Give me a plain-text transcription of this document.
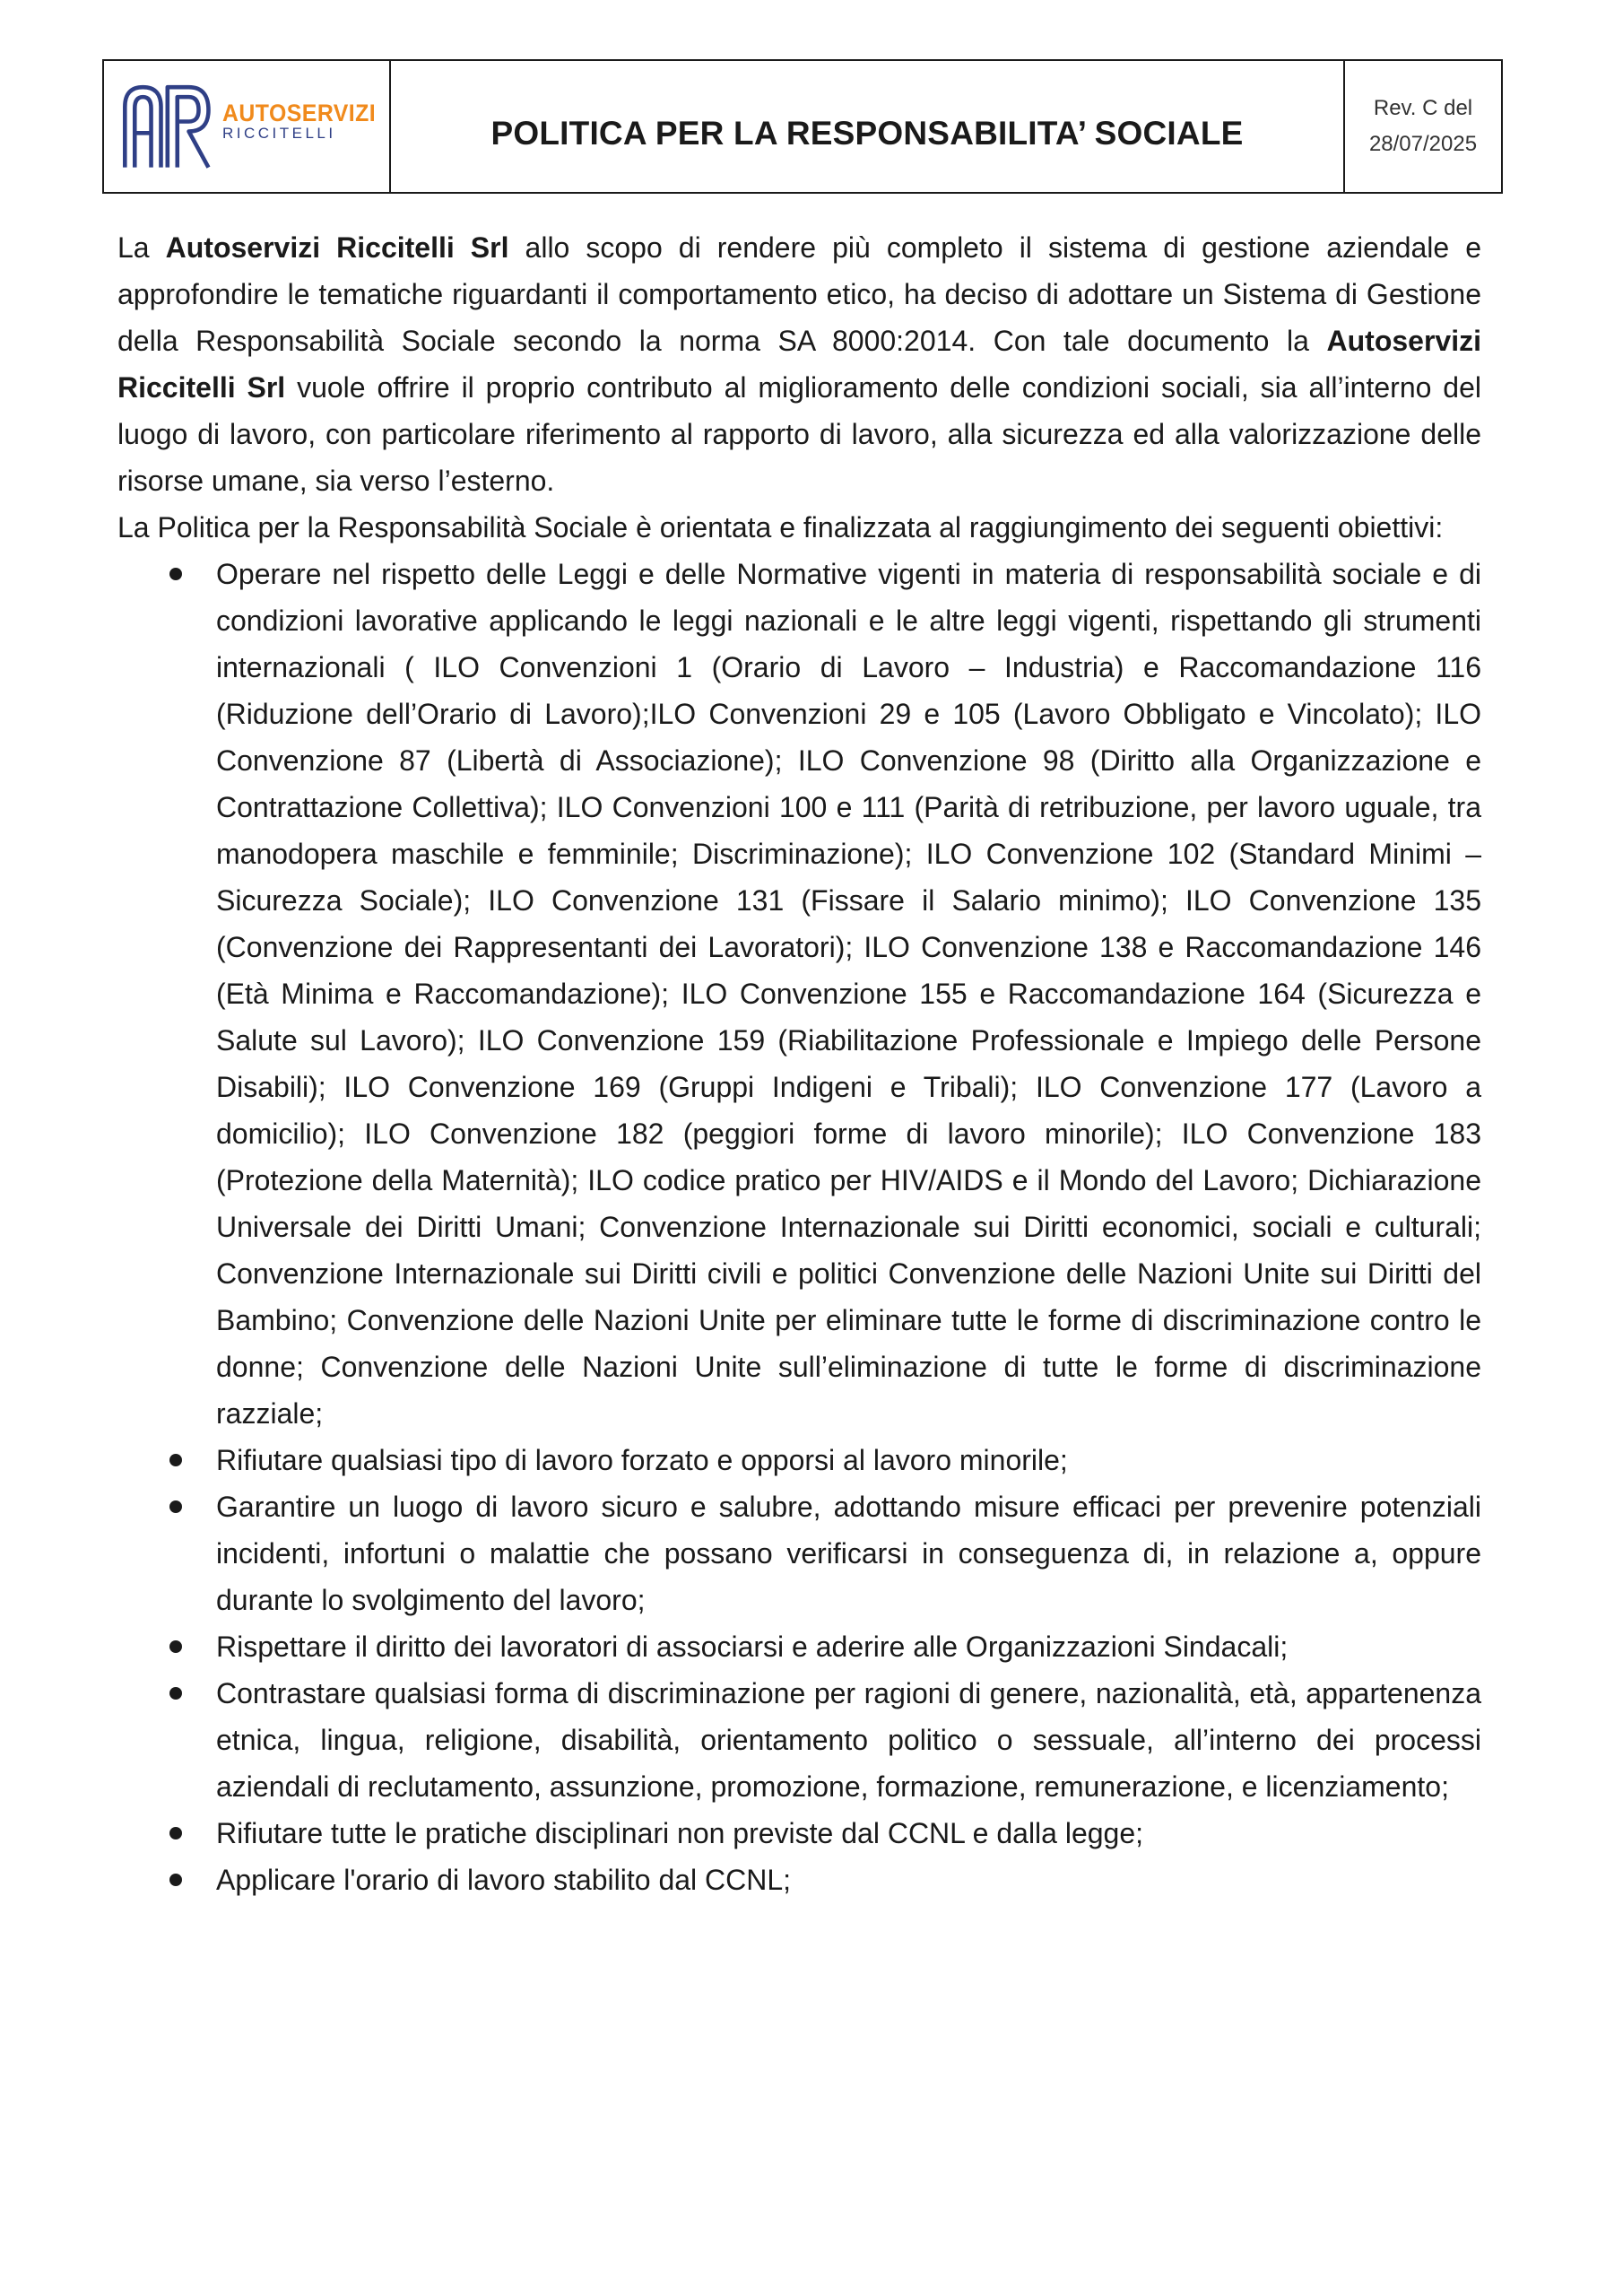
AUTOSERVIZI
RICCITELLI	POLITICA PER LA RESPONSABILITA’ SOCIALE
Rev. C del
28/07/2025

La Autoservizi Riccitelli Srl allo scopo di rendere più completo il sistema di gestione aziendale e approfondire le tematiche riguardanti il comportamento etico, ha deciso di adottare un Sistema di Gestione della Responsabilità Sociale secondo la norma SA 8000:2014. Con tale documento la Autoservizi Riccitelli Srl vuole offrire il proprio contributo al miglioramento delle condizioni sociali, sia all’interno del luogo di lavoro, con particolare riferimento al rapporto di lavoro, alla sicurezza ed alla valorizzazione delle risorse umane, sia verso l’esterno.

La Politica per la Responsabilità Sociale è orientata e finalizzata al raggiungimento dei seguenti obiettivi:

Operare nel rispetto delle Leggi e delle Normative vigenti in materia di responsabilità sociale e di condizioni lavorative applicando le leggi nazionali e le altre leggi vigenti, rispettando gli strumenti internazionali ( ILO Convenzioni 1 (Orario di Lavoro – Industria) e Raccomandazione 116 (Riduzione dell’Orario di Lavoro);ILO Convenzioni 29 e 105 (Lavoro Obbligato e Vincolato); ILO Convenzione 87 (Libertà di Associazione); ILO Convenzione 98 (Diritto alla Organizzazione e Contrattazione Collettiva); ILO Convenzioni 100 e 111 (Parità di retribuzione, per lavoro uguale, tra manodopera maschile e femminile; Discriminazione); ILO Convenzione 102 (Standard Minimi – Sicurezza Sociale); ILO Convenzione 131 (Fissare il Salario minimo); ILO Convenzione 135 (Convenzione dei Rappresentanti dei Lavoratori); ILO Convenzione 138 e Raccomandazione 146 (Età Minima e Raccomandazione); ILO Convenzione 155 e Raccomandazione 164 (Sicurezza e Salute sul Lavoro); ILO Convenzione 159 (Riabilitazione Professionale e Impiego delle Persone Disabili); ILO Convenzione 169 (Gruppi Indigeni e Tribali); ILO Convenzione 177 (Lavoro a domicilio); ILO Convenzione 182 (peggiori forme di lavoro minorile); ILO Convenzione 183 (Protezione della Maternità); ILO codice pratico per HIV/AIDS e il Mondo del Lavoro; Dichiarazione Universale dei Diritti Umani; Convenzione Internazionale sui Diritti economici, sociali e culturali; Convenzione Internazionale sui Diritti civili e politici Convenzione delle Nazioni Unite sui Diritti del Bambino; Convenzione delle Nazioni Unite per eliminare tutte le forme di discriminazione contro le donne; Convenzione delle Nazioni Unite sull’eliminazione di tutte le forme di discriminazione razziale;
Rifiutare qualsiasi tipo di lavoro forzato e opporsi al lavoro minorile;
Garantire un luogo di lavoro sicuro e salubre, adottando misure efficaci per prevenire potenziali incidenti, infortuni o malattie che possano verificarsi in conseguenza di, in relazione a, oppure durante lo svolgimento del lavoro;
Rispettare il diritto dei lavoratori di associarsi e aderire alle Organizzazioni Sindacali;
Contrastare qualsiasi forma di discriminazione per ragioni di genere, nazionalità, età, appartenenza etnica, lingua, religione, disabilità, orientamento politico o sessuale, all’interno dei processi aziendali di reclutamento, assunzione, promozione, formazione, remunerazione, e licenziamento;
Rifiutare tutte le pratiche disciplinari non previste dal CCNL e dalla legge;
Applicare l'orario di lavoro stabilito dal CCNL;
